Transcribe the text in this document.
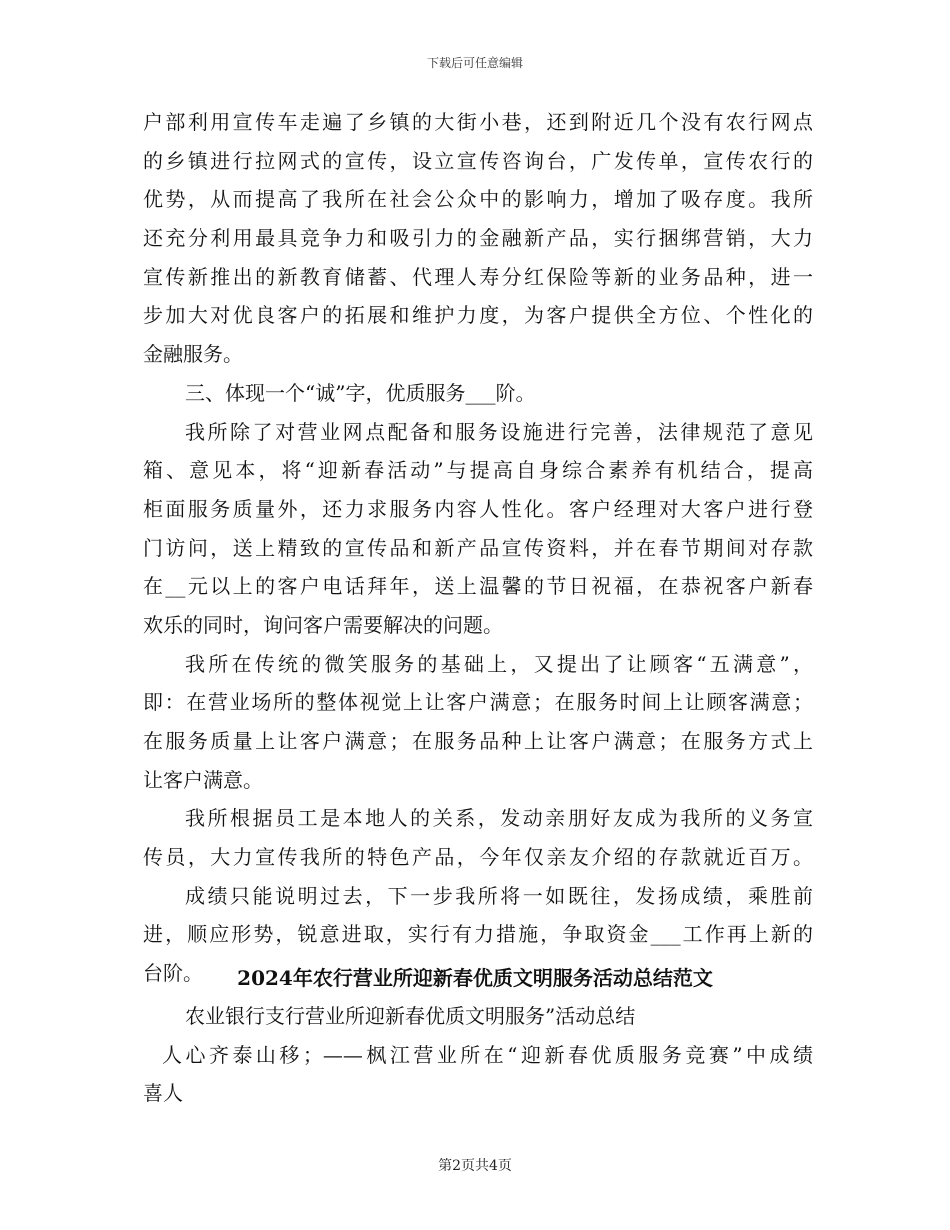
下载后可任意编辑
户部利用宣传车走遍了乡镇的大街小巷，还到附近几个没有农行网点
的乡镇进行拉网式的宣传，设立宣传咨询台，广发传单，宣传农行的
优势，从而提高了我所在社会公众中的影响力，增加了吸存度。我所
还充分利用最具竞争力和吸引力的金融新产品，实行捆绑营销，大力
宣传新推出的新教育储蓄、代理人寿分红保险等新的业务品种，进一
步加大对优良客户的拓展和维护力度，为客户提供全方位、个性化的
金融服务。
三、体现一个“诚”字，优质服务___阶。
我所除了对营业网点配备和服务设施进行完善，法律规范了意见
箱、意见本，将“迎新春活动”与提高自身综合素养有机结合，提高
柜面服务质量外，还力求服务内容人性化。客户经理对大客户进行登
门访问，送上精致的宣传品和新产品宣传资料，并在春节期间对存款
在__元以上的客户电话拜年，送上温馨的节日祝福，在恭祝客户新春
欢乐的同时，询问客户需要解决的问题。
我所在传统的微笑服务的基础上，又提出了让顾客“五满意”，
即：在营业场所的整体视觉上让客户满意；在服务时间上让顾客满意；
在服务质量上让客户满意；在服务品种上让客户满意；在服务方式上
让客户满意。
我所根据员工是本地人的关系，发动亲朋好友成为我所的义务宣
传员，大力宣传我所的特色产品，今年仅亲友介绍的存款就近百万。
成绩只能说明过去，下一步我所将一如既往，发扬成绩，乘胜前
进，顺应形势，锐意进取，实行有力措施，争取资金___工作再上新的
台阶。	2024年农行营业所迎新春优质文明服务活动总结范文
农业银行支行营业所迎新春优质文明服务”活动总结
人心齐泰山移；——枫江营业所在“迎新春优质服务竞赛”中成绩
喜人
第2页共4页
